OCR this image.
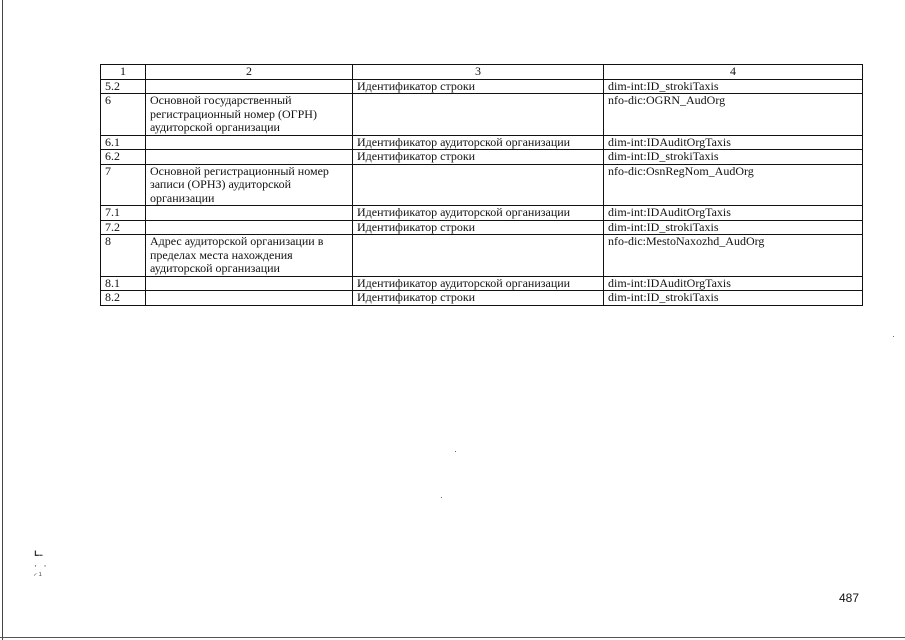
1	2	3	4
5.2		Идентификатор строки	dim-int:ID_strokiTaxis
6	Основной государственный регистрационный номер (ОГРН) аудиторской организации		nfo-dic:OGRN_AudOrg
6.1		Идентификатор аудиторской организации	dim-int:IDAuditOrgTaxis
6.2		Идентификатор строки	dim-int:ID_strokiTaxis
7	Основной регистрационный номер записи (ОРНЗ) аудиторской организации		nfo-dic:OsnRegNom_AudOrg
7.1		Идентификатор аудиторской организации	dim-int:IDAuditOrgTaxis
7.2		Идентификатор строки	dim-int:ID_strokiTaxis
8	Адрес аудиторской организации в пределах места нахождения аудиторской организации		nfo-dic:MestoNaxozhd_AudOrg
8.1		Идентификатор аудиторской организации	dim-int:IDAuditOrgTaxis
8.2		Идентификатор строки	dim-int:ID_strokiTaxis
┗┅
· ·
◜ˡ
487
